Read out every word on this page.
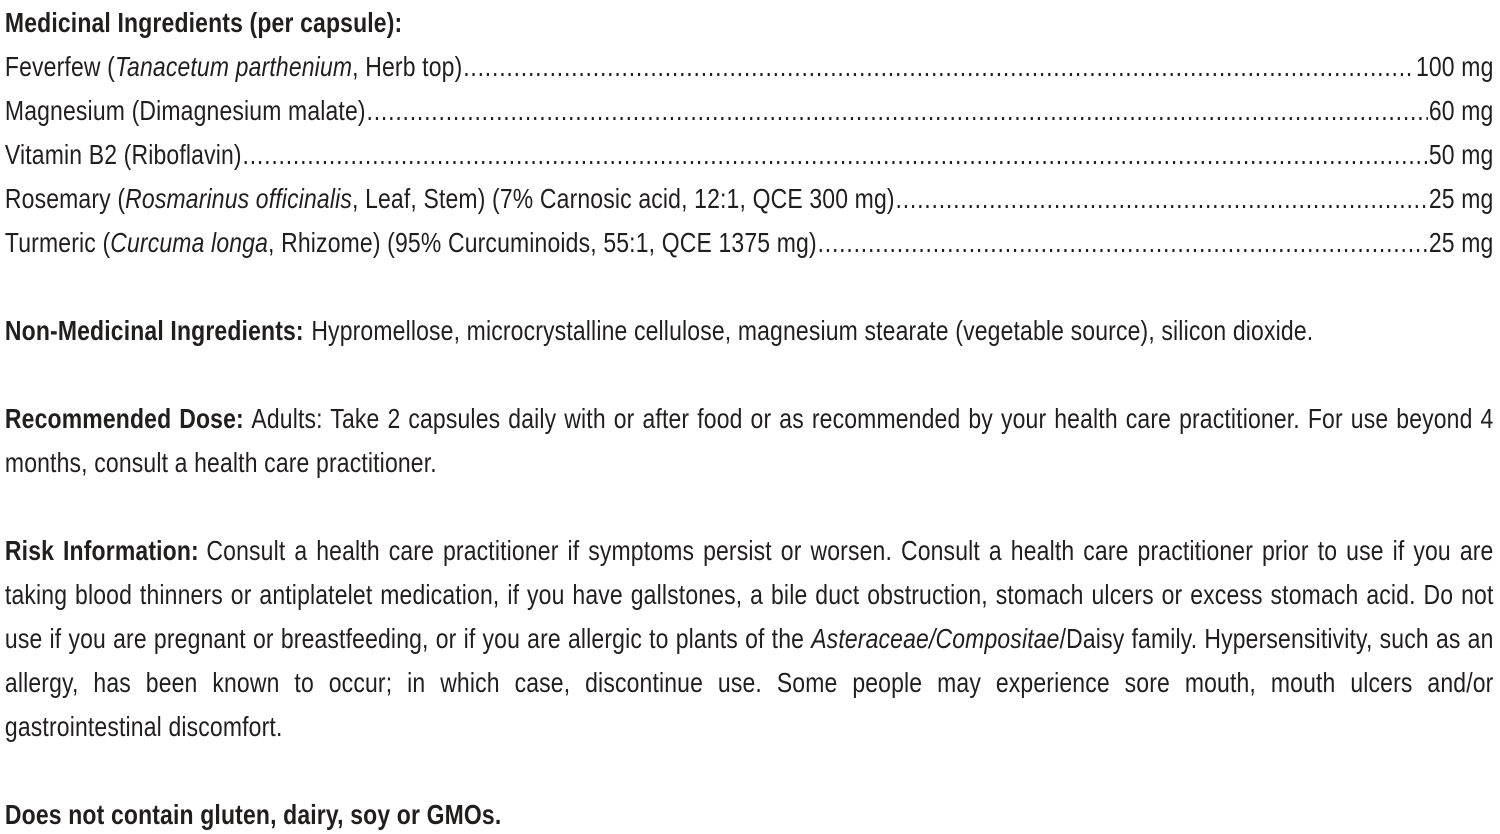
Medicinal Ingredients (per capsule):
Feverfew (Tanacetum parthenium, Herb top) .....	100 mg
Magnesium (Dimagnesium malate) .....	60 mg
Vitamin B2 (Riboflavin) .....	50 mg
Rosemary (Rosmarinus officinalis, Leaf, Stem) (7% Carnosic acid, 12:1, QCE 300 mg) .....	25 mg
Turmeric (Curcuma longa, Rhizome) (95% Curcuminoids, 55:1, QCE 1375 mg) .....	25 mg

Non-Medicinal Ingredients: Hypromellose, microcrystalline cellulose, magnesium stearate (vegetable source), silicon dioxide.

Recommended Dose: Adults: Take 2 capsules daily with or after food or as recommended by your health care practitioner. For use beyond 4 months, consult a health care practitioner.

Risk Information: Consult a health care practitioner if symptoms persist or worsen. Consult a health care practitioner prior to use if you are taking blood thinners or antiplatelet medication, if you have gallstones, a bile duct obstruction, stomach ulcers or excess stomach acid. Do not use if you are pregnant or breastfeeding, or if you are allergic to plants of the Asteraceae/Compositae/Daisy family. Hypersensitivity, such as an allergy, has been known to occur; in which case, discontinue use. Some people may experience sore mouth, mouth ulcers and/or gastrointestinal discomfort.

Does not contain gluten, dairy, soy or GMOs.
